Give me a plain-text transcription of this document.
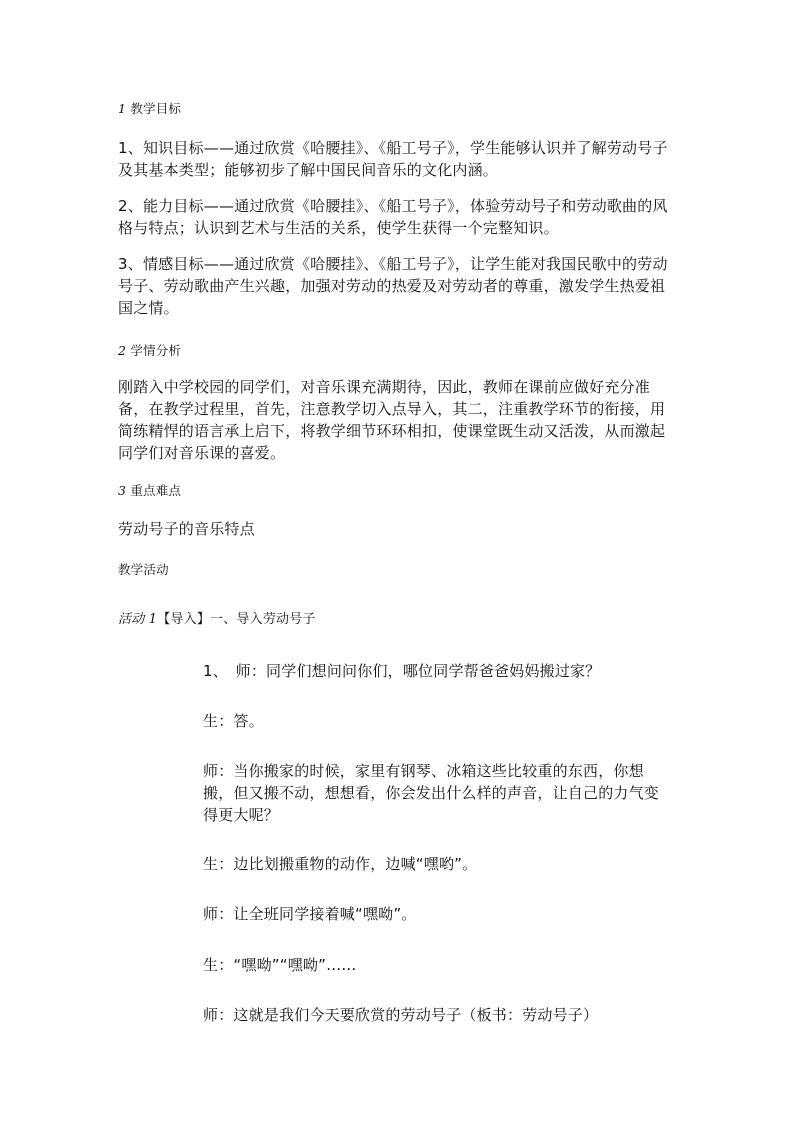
1 教学目标
1、知识目标——通过欣赏《哈腰挂》、《船工号子》，学生能够认识并了解劳动号子及其基本类型；能够初步了解中国民间音乐的文化内涵。
2、能力目标——通过欣赏《哈腰挂》、《船工号子》，体验劳动号子和劳动歌曲的风格与特点；认识到艺术与生活的关系，使学生获得一个完整知识。
3、情感目标——通过欣赏《哈腰挂》、《船工号子》，让学生能对我国民歌中的劳动号子、劳动歌曲产生兴趣，加强对劳动的热爱及对劳动者的尊重，激发学生热爱祖国之情。
2 学情分析
刚踏入中学校园的同学们，对音乐课充满期待，因此，教师在课前应做好充分准备，在教学过程里，首先，注意教学切入点导入，其二，注重教学环节的衔接，用简练精悍的语言承上启下，将教学细节环环相扣，使课堂既生动又活泼，从而激起同学们对音乐课的喜爱。
3 重点难点
劳动号子的音乐特点
教学活动
活动 1【导入】一、导入劳动号子
1、　师：同学们想问问你们，哪位同学帮爸爸妈妈搬过家？
生：答。
师：当你搬家的时候，家里有钢琴、冰箱这些比较重的东西，你想搬，但又搬不动，想想看，你会发出什么样的声音，让自己的力气变得更大呢？
生：边比划搬重物的动作，边喊“嘿哟”。
师：让全班同学接着喊“嘿呦”。
生：“嘿呦”“嘿呦”……
师：这就是我们今天要欣赏的劳动号子（板书：劳动号子）
